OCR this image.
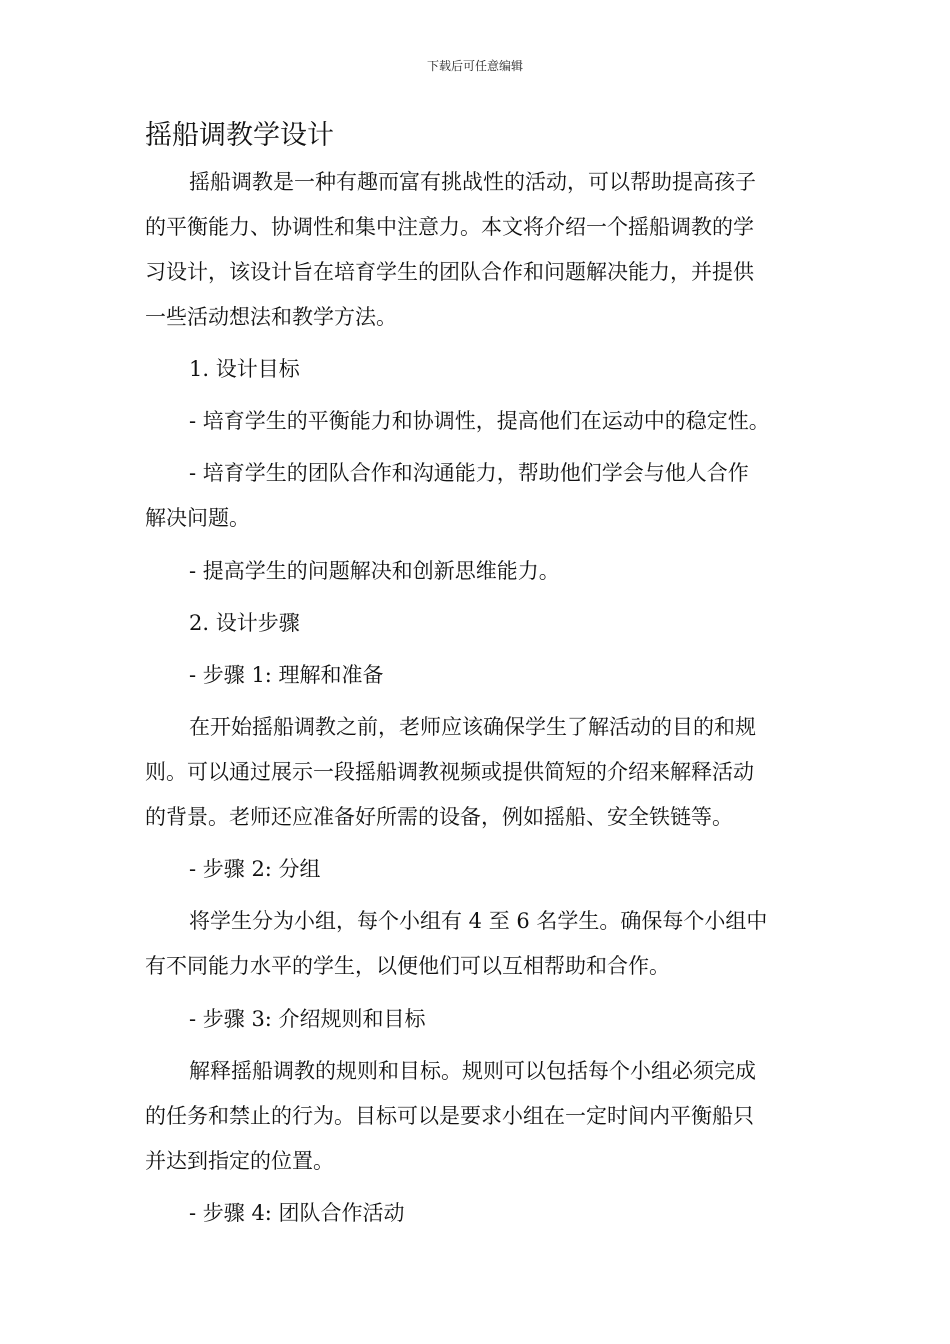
下载后可任意编辑
摇船调教学设计

摇船调教是一种有趣而富有挑战性的活动，可以帮助提高孩子
的平衡能力、协调性和集中注意力。本文将介绍一个摇船调教的学
习设计，该设计旨在培育学生的团队合作和问题解决能力，并提供
一些活动想法和教学方法。

1. 设计目标

- 培育学生的平衡能力和协调性，提高他们在运动中的稳定性。

- 培育学生的团队合作和沟通能力，帮助他们学会与他人合作
解决问题。

- 提高学生的问题解决和创新思维能力。

2. 设计步骤

- 步骤 1: 理解和准备

在开始摇船调教之前，老师应该确保学生了解活动的目的和规
则。可以通过展示一段摇船调教视频或提供简短的介绍来解释活动
的背景。老师还应准备好所需的设备，例如摇船、安全铁链等。

- 步骤 2: 分组

将学生分为小组，每个小组有 4 至 6 名学生。确保每个小组中
有不同能力水平的学生，以便他们可以互相帮助和合作。

- 步骤 3: 介绍规则和目标

解释摇船调教的规则和目标。规则可以包括每个小组必须完成
的任务和禁止的行为。目标可以是要求小组在一定时间内平衡船只
并达到指定的位置。

- 步骤 4: 团队合作活动
